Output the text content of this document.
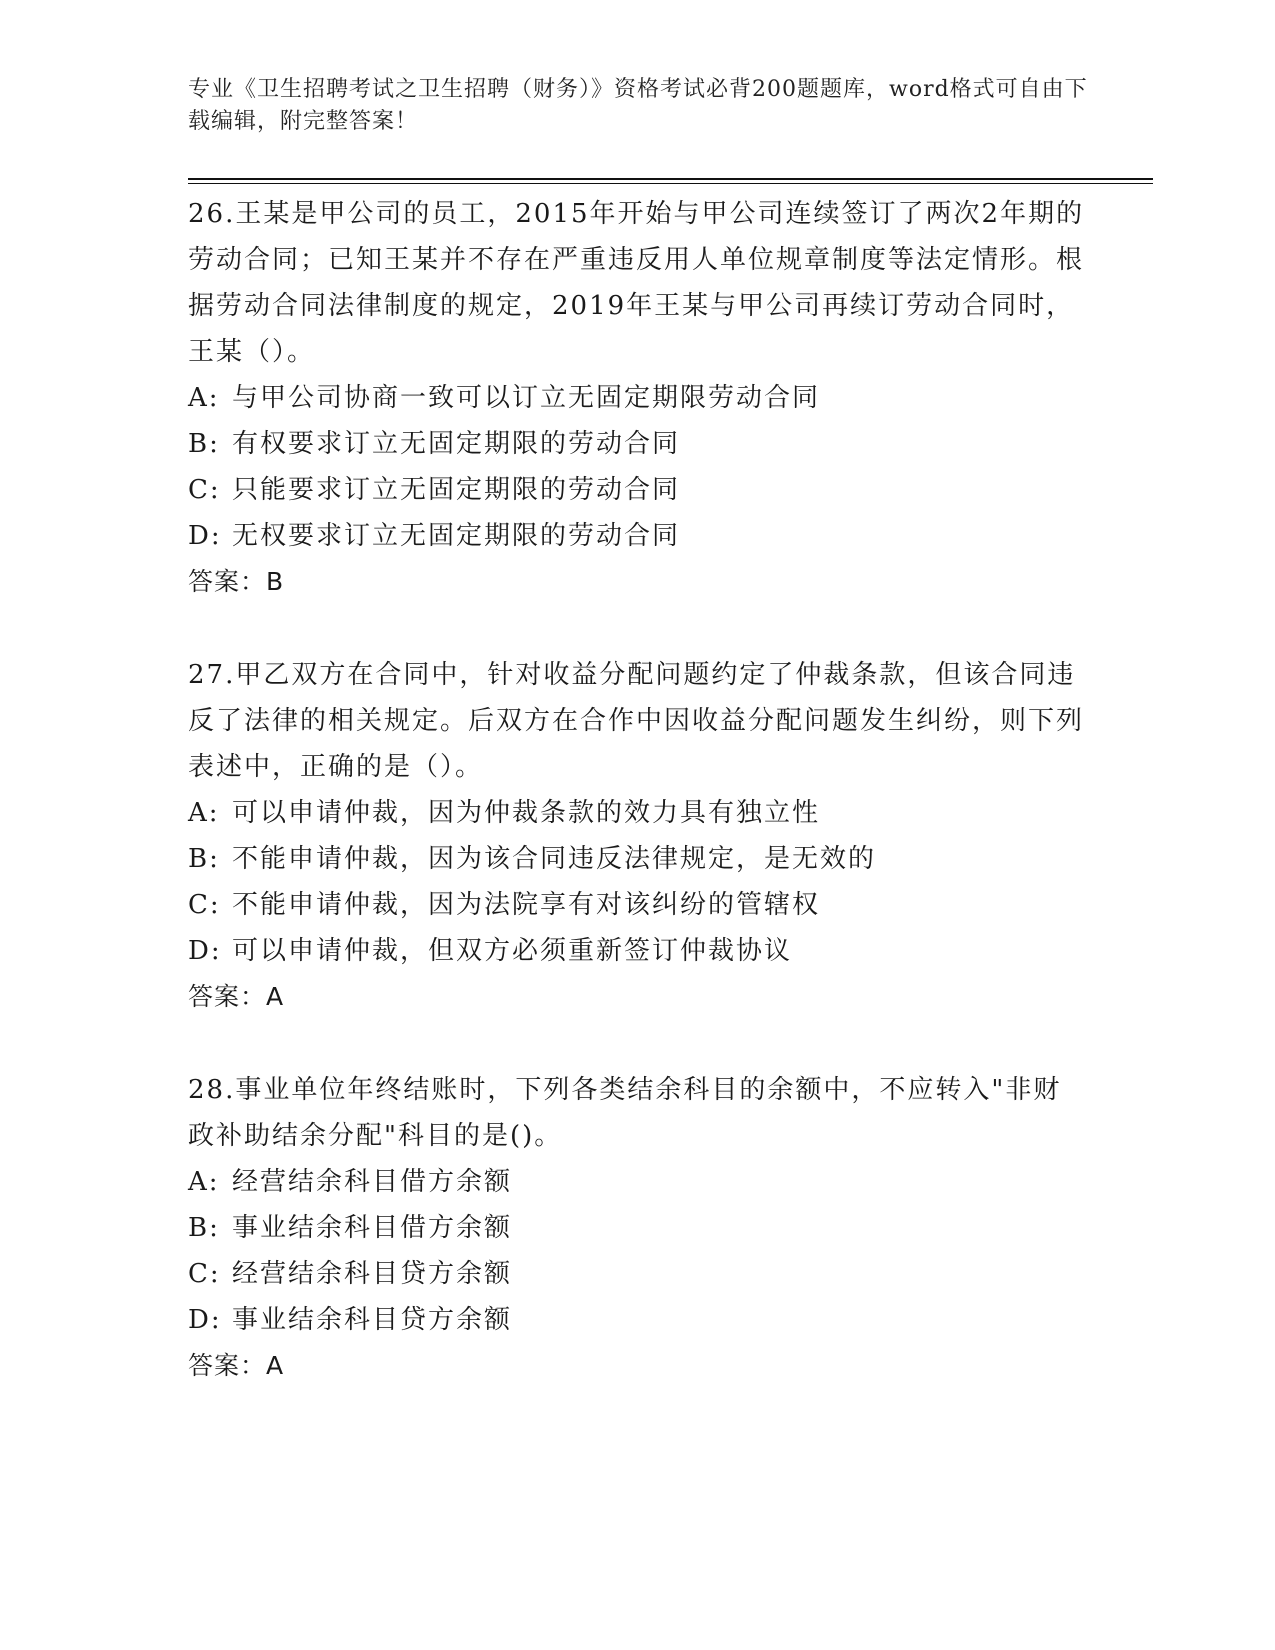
专业《卫生招聘考试之卫生招聘（财务）》资格考试必背200题题库，word格式可自由下载编辑，附完整答案！

26.王某是甲公司的员工，2015年开始与甲公司连续签订了两次2年期的劳动合同；已知王某并不存在严重违反用人单位规章制度等法定情形。根据劳动合同法律制度的规定，2019年王某与甲公司再续订劳动合同时，王某（）。

A: 与甲公司协商一致可以订立无固定期限劳动合同

B: 有权要求订立无固定期限的劳动合同

C: 只能要求订立无固定期限的劳动合同

D: 无权要求订立无固定期限的劳动合同

答案：B

27.甲乙双方在合同中，针对收益分配问题约定了仲裁条款，但该合同违反了法律的相关规定。后双方在合作中因收益分配问题发生纠纷，则下列表述中，正确的是（）。

A: 可以申请仲裁，因为仲裁条款的效力具有独立性

B: 不能申请仲裁，因为该合同违反法律规定，是无效的

C: 不能申请仲裁，因为法院享有对该纠纷的管辖权

D: 可以申请仲裁，但双方必须重新签订仲裁协议

答案：A

28.事业单位年终结账时，下列各类结余科目的余额中，不应转入"非财政补助结余分配"科目的是()。

A: 经营结余科目借方余额

B: 事业结余科目借方余额

C: 经营结余科目贷方余额

D: 事业结余科目贷方余额

答案：A
